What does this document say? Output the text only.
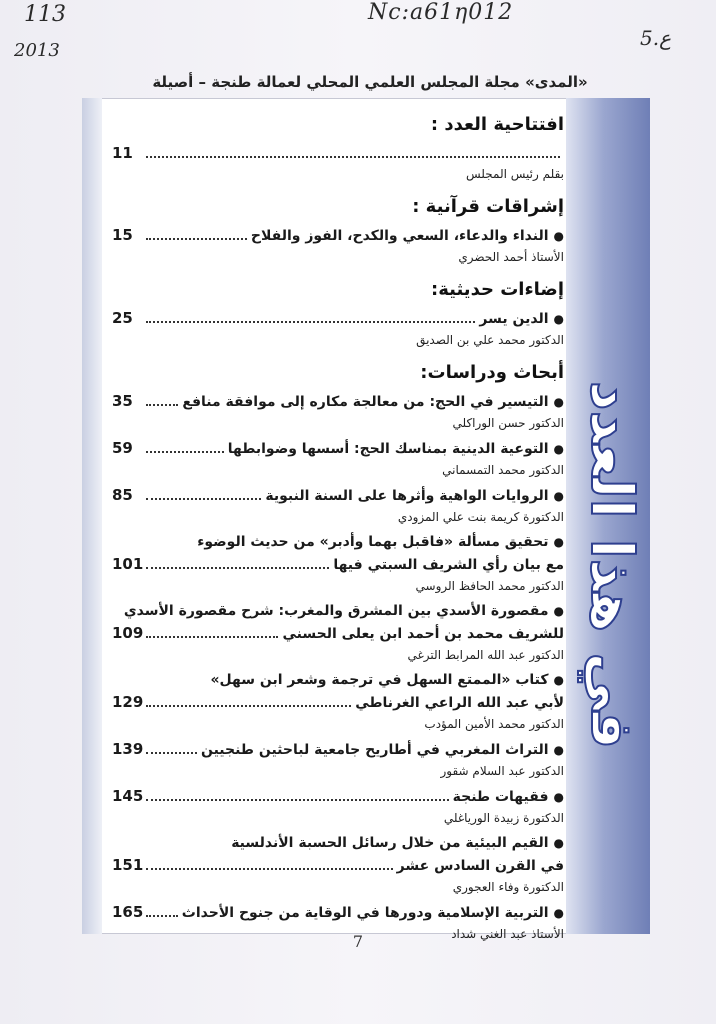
113
2013
Nc:a61η012
5.ع
«المدى» مجلة المجلس العلمي المحلي لعمالة طنجة – أصيلة
في هذا العدد
افتتاحية العدد :
11
بقلم رئيس المجلس
إشراقات قرآنية :
●
النداء والدعاء، السعي والكدح، الفوز والفلاح
15
الأستاذ أحمد الحضري
إضاءات حديثية:
●
الدين يسر
25
الدكتور محمد علي بن الصديق
أبحاث ودراسات:
●
التيسير في الحج: من معالجة مكاره إلى موافقة منافع
35
الدكتور حسن الوراكلي
●
التوعية الدينية بمناسك الحج: أسسها وضوابطها
59
الدكتور محمد التمسماني
●
الروايات الواهية وأثرها على السنة النبوية
85
الدكتورة كريمة بنت علي المزودي
●
تحقيق مسألة «فاقبل بهما وأدبر» من حديث الوضوء
مع بيان رأي الشريف السبتي فيها
101
الدكتور محمد الحافظ الروسي
●
مقصورة الأسدي بين المشرق والمغرب: شرح مقصورة الأسدي
للشريف محمد بن أحمد ابن يعلى الحسني
109
الدكتور عبد الله المرابط الترغي
●
كتاب «الممتع السهل في ترجمة وشعر ابن سهل»
لأبي عبد الله الراعي الغرناطي
129
الدكتور محمد الأمين المؤدب
●
التراث المغربي في أطاريح جامعية لباحثين طنجيين
139
الدكتور عبد السلام شقور
●
فقيهات طنجة
145
الدكتورة زبيدة الورياغلي
●
القيم البيئية من خلال رسائل الحسبة الأندلسية
في القرن السادس عشر
151
الدكتورة وفاء العجوري
●
التربية الإسلامية ودورها في الوقاية من جنوح الأحداث
165
الأستاذ عبد الغني شداد
7
